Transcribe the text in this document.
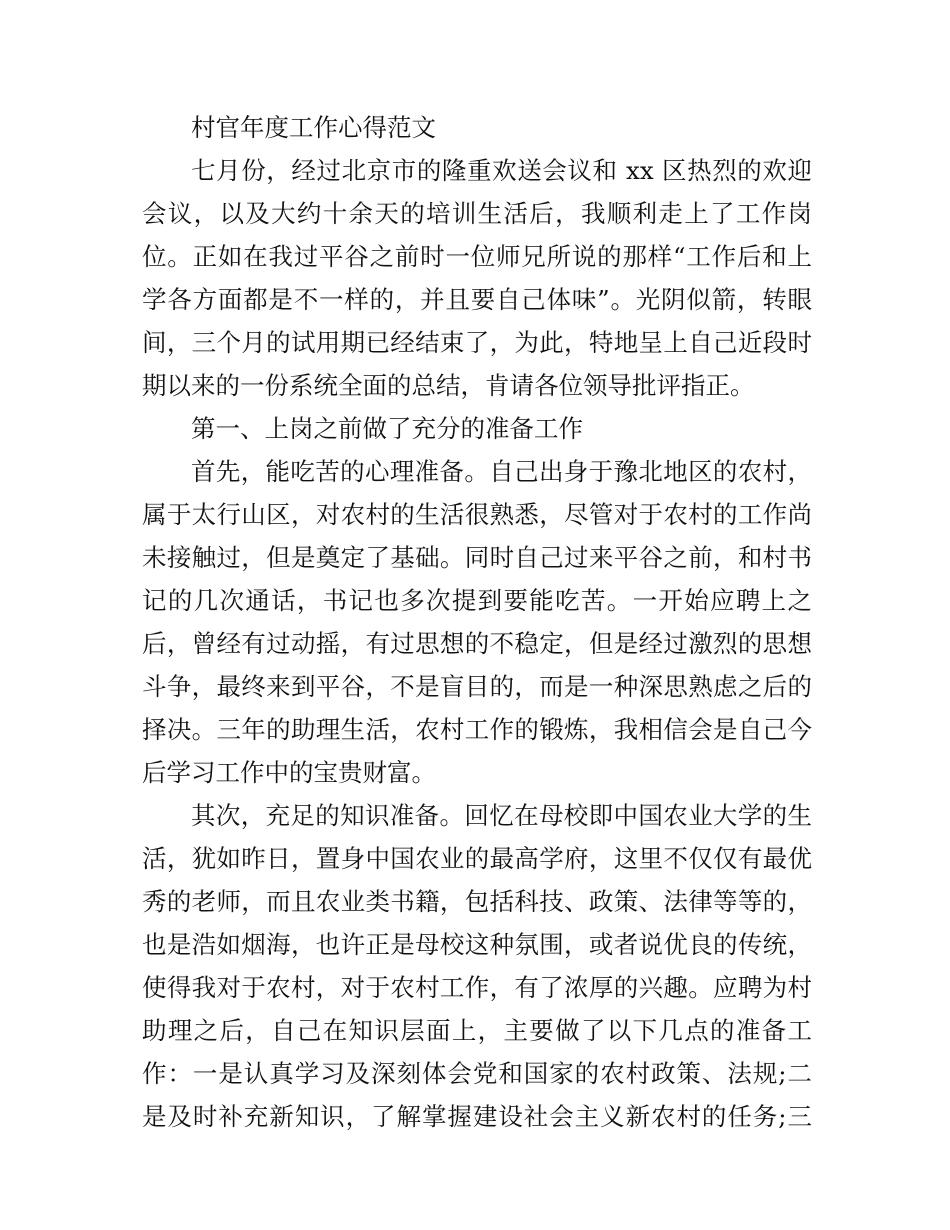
村官年度工作心得范文
七月份，经过北京市的隆重欢送会议和 xx 区热烈的欢迎
会议，以及大约十余天的培训生活后，我顺利走上了工作岗
位。正如在我过平谷之前时一位师兄所说的那样“工作后和上
学各方面都是不一样的，并且要自己体味”。光阴似箭，转眼
间，三个月的试用期已经结束了，为此，特地呈上自己近段时
期以来的一份系统全面的总结，肯请各位领导批评指正。
第一、上岗之前做了充分的准备工作
首先，能吃苦的心理准备。自己出身于豫北地区的农村，
属于太行山区，对农村的生活很熟悉，尽管对于农村的工作尚
未接触过，但是奠定了基础。同时自己过来平谷之前，和村书
记的几次通话，书记也多次提到要能吃苦。一开始应聘上之
后，曾经有过动摇，有过思想的不稳定，但是经过激烈的思想
斗争，最终来到平谷，不是盲目的，而是一种深思熟虑之后的
择决。三年的助理生活，农村工作的锻炼，我相信会是自己今
后学习工作中的宝贵财富。
其次，充足的知识准备。回忆在母校即中国农业大学的生
活，犹如昨日，置身中国农业的最高学府，这里不仅仅有最优
秀的老师，而且农业类书籍，包括科技、政策、法律等等的，
也是浩如烟海，也许正是母校这种氛围，或者说优良的传统，
使得我对于农村，对于农村工作，有了浓厚的兴趣。应聘为村
助理之后，自己在知识层面上，主要做了以下几点的准备工
作：一是认真学习及深刻体会党和国家的农村政策、法规;二
是及时补充新知识，了解掌握建设社会主义新农村的任务;三
